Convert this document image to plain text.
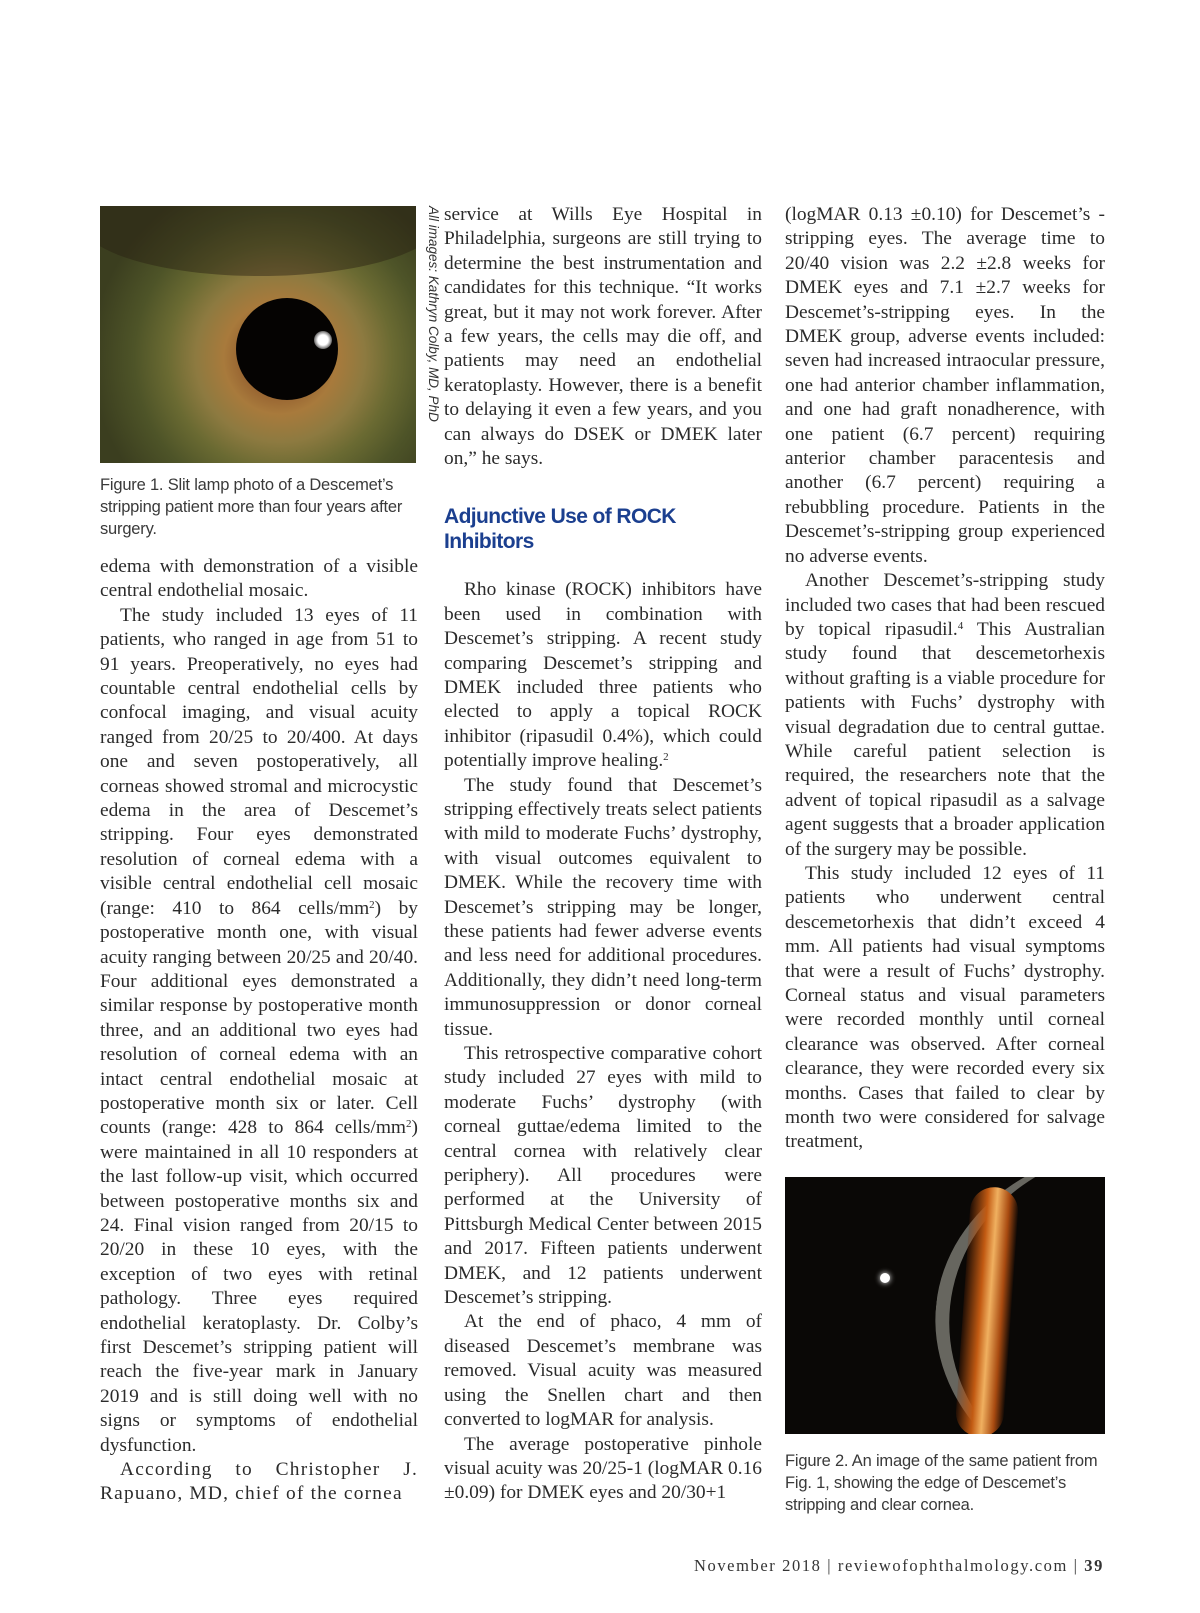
All images: Kathryn Colby, MD, PhD
Figure 1. Slit lamp photo of a Descemet’s stripping patient more than four years after surgery.

edema with demonstration of a visible central endothelial mosaic.

The study included 13 eyes of 11 patients, who ranged in age from 51 to 91 years. Preoperatively, no eyes had countable central endothelial cells by confocal imaging, and visual acuity ranged from 20/25 to 20/400. At days one and seven postoperatively, all corneas showed stromal and microcystic edema in the area of Descemet’s stripping. Four eyes demonstrated resolution of corneal edema with a visible central endothelial cell mosaic (range: 410 to 864 cells/$mm^2$) by postoperative month one, with visual acuity ranging between 20/25 and 20/40. Four additional eyes demonstrated a similar response by postoperative month three, and an additional two eyes had resolution of corneal edema with an intact central endothelial mosaic at postoperative month six or later. Cell counts (range: 428 to 864 cells/$mm^2$) were maintained in all 10 responders at the last follow-up visit, which occurred between postoperative months six and 24. Final vision ranged from 20/15 to 20/20 in these 10 eyes, with the exception of two eyes with retinal pathology. Three eyes required endothelial keratoplasty. Dr. Colby’s first Descemet’s stripping patient will reach the five-year mark in January 2019 and is still doing well with no signs or symptoms of endothelial dysfunction.

According to Christopher J. Rapuano, MD, chief of the cornea

service at Wills Eye Hospital in Philadelphia, surgeons are still trying to determine the best instrumentation and candidates for this technique. “It works great, but it may not work forever. After a few years, the cells may die off, and patients may need an endothelial keratoplasty. However, there is a benefit to delaying it even a few years, and you can always do DSEK or DMEK later on,” he says.

Adjunctive Use of ROCK Inhibitors

Rho kinase (ROCK) inhibitors have been used in combination with Descemet’s stripping. A recent study comparing Descemet’s stripping and DMEK included three patients who elected to apply a topical ROCK inhibitor (ripasudil 0.4%), which could potentially improve healing.$^2$

The study found that Descemet’s stripping effectively treats select patients with mild to moderate Fuchs’ dystrophy, with visual outcomes equivalent to DMEK. While the recovery time with Descemet’s stripping may be longer, these patients had fewer adverse events and less need for additional procedures. Additionally, they didn’t need long-term immunosuppression or donor corneal tissue.

This retrospective comparative cohort study included 27 eyes with mild to moderate Fuchs’ dystrophy (with corneal guttae/edema limited to the central cornea with relatively clear periphery). All procedures were performed at the University of Pittsburgh Medical Center between 2015 and 2017. Fifteen patients underwent DMEK, and 12 patients underwent Descemet’s stripping.

At the end of phaco, 4 mm of diseased Descemet’s membrane was removed. Visual acuity was measured using the Snellen chart and then converted to logMAR for analysis.

The average postoperative pinhole visual acuity was 20/25-1 (logMAR 0.16 ±0.09) for DMEK eyes and 20/30+1

(logMAR 0.13 ±0.10) for Descemet’s -stripping eyes. The average time to 20/40 vision was 2.2 ±2.8 weeks for DMEK eyes and 7.1 ±2.7 weeks for Descemet’s-stripping eyes. In the DMEK group, adverse events included: seven had increased intraocular pressure, one had anterior chamber inflammation, and one had graft nonadherence, with one patient (6.7 percent) requiring anterior chamber paracentesis and another (6.7 percent) requiring a rebubbling procedure. Patients in the Descemet’s-stripping group experienced no adverse events.

Another Descemet’s-stripping study included two cases that had been rescued by topical ripasudil.$^4$ This Australian study found that descemetorhexis without grafting is a viable procedure for patients with Fuchs’ dystrophy with visual degradation due to central guttae. While careful patient selection is required, the researchers note that the advent of topical ripasudil as a salvage agent suggests that a broader application of the surgery may be possible.

This study included 12 eyes of 11 patients who underwent central descemetorhexis that didn’t exceed 4 mm. All patients had visual symptoms that were a result of Fuchs’ dystrophy. Corneal status and visual parameters were recorded monthly until corneal clearance was observed. After corneal clearance, they were recorded every six months. Cases that failed to clear by month two were considered for salvage treatment,

Figure 2. An image of the same patient from Fig. 1, showing the edge of Descemet’s stripping and clear cornea.
November 2018 | reviewofophthalmology.com | 39
